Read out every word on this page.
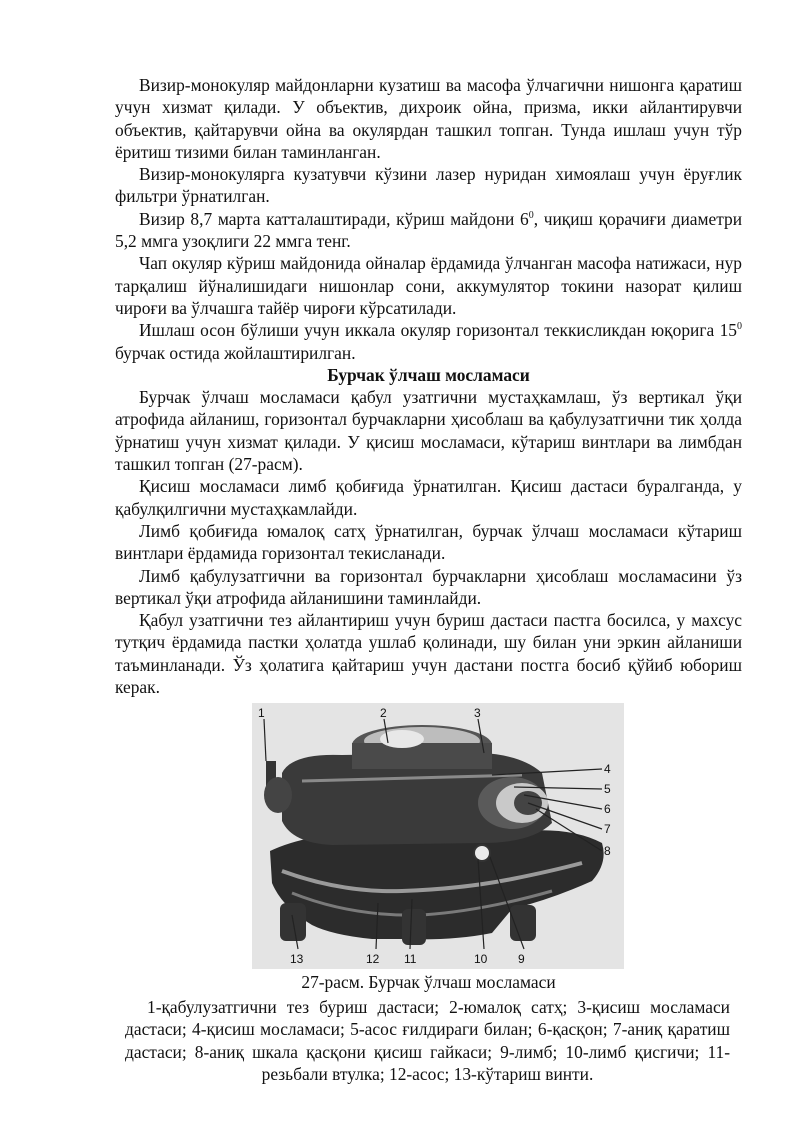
Визир-монокуляр майдонларни кузатиш ва масофа ўлчагични нишонга қаратиш учун хизмат қилади. У объектив, дихроик ойна, призма, икки айлантирувчи объектив, қайтарувчи ойна ва окулярдан ташкил топган. Тунда ишлаш учун тўр ёритиш тизими билан таминланган.

Визир-монокулярга кузатувчи кўзини лазер нуридан химоялаш учун ёруғлик фильтри ўрнатилган.

Визир 8,7 марта катталаштиради, кўриш майдони $6^0$, чиқиш қорачиғи диаметри 5,2 ммга узоқлиги 22 ммга тенг.

Чап окуляр кўриш майдонида ойналар ёрдамида ўлчанган масофа натижаси, нур тарқалиш йўналишидаги нишонлар сони, аккумулятор токини назорат қилиш чироғи ва ўлчашга тайёр чироғи кўрсатилади.

Ишлаш осон бўлиши учун иккала окуляр горизонтал теккисликдан юқорига $15^0$ бурчак остида жойлаштирилган.

Бурчак ўлчаш мосламаси

Бурчак ўлчаш мосламаси қабул узатгични мустаҳкамлаш, ўз вертикал ўқи атрофида айланиш, горизонтал бурчакларни ҳисоблаш ва қабулузатгични тик ҳолда ўрнатиш учун хизмат қилади. У қисиш мосламаси, кўтариш винтлари ва лимбдан ташкил топган (27-расм).

Қисиш мосламаси лимб қобиғида ўрнатилган. Қисиш дастаси буралганда, у қабулқилгични мустаҳкамлайди.

Лимб қобиғида юмалоқ сатҳ ўрнатилган, бурчак ўлчаш мосламаси кўтариш винтлари ёрдамида горизонтал текисланади.

Лимб қабулузатгични ва горизонтал бурчакларни ҳисоблаш мосламасини ўз вертикал ўқи атрофида айланишини таминлайди.

Қабул узатгични тез айлантириш учун буриш дастаси пастга босилса, у махсус тутқич ёрдамида пастки ҳолатда ушлаб қолинади, шу билан уни эркин айланиши таъминланади. Ўз ҳолатига қайтариш учун дастани постга босиб қўйиб юбориш керак.

1	2	3
4
5
6
7
8
9
10
11
12
13

27-расм. Бурчак ўлчаш мосламаси

1-қабулузатгични тез буриш дастаси; 2-юмалоқ сатҳ; 3-қисиш мосламаси дастаси; 4-қисиш мосламаси; 5-асос ғилдираги билан; 6-қасқон; 7-аниқ қаратиш дастаси; 8-аниқ шкала қасқони қисиш гайкаси; 9-лимб; 10-лимб қисгичи; 11-резьбали втулка; 12-асос; 13-кўтариш винти.
